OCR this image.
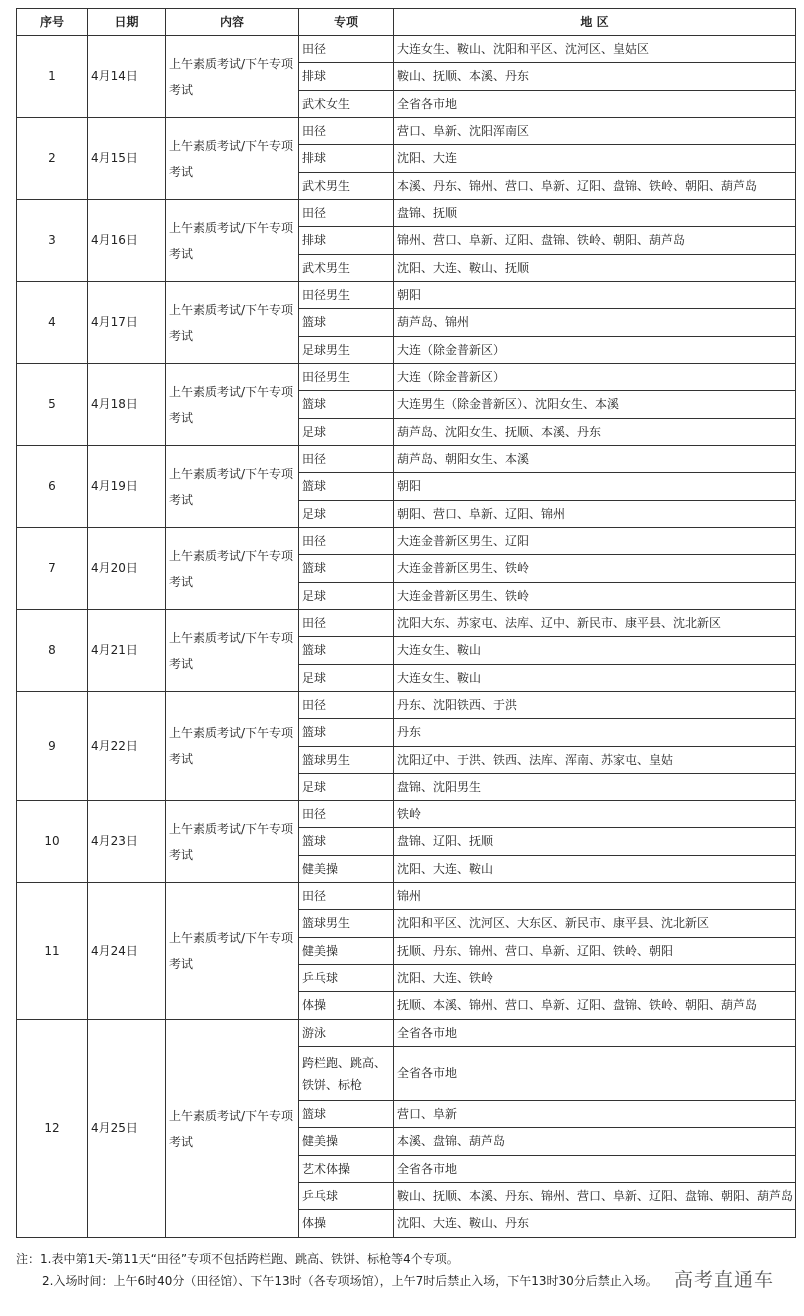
序号	日期	内容	专项	地 区
1	4月14日	上午素质考试/下午专项考试	田径	大连女生、鞍山、沈阳和平区、沈河区、皇姑区
			排球	鞍山、抚顺、本溪、丹东
			武术女生	全省各市地
2	4月15日	上午素质考试/下午专项考试	田径	营口、阜新、沈阳浑南区
			排球	沈阳、大连
			武术男生	本溪、丹东、锦州、营口、阜新、辽阳、盘锦、铁岭、朝阳、葫芦岛
3	4月16日	上午素质考试/下午专项考试	田径	盘锦、抚顺
			排球	锦州、营口、阜新、辽阳、盘锦、铁岭、朝阳、葫芦岛
			武术男生	沈阳、大连、鞍山、抚顺
4	4月17日	上午素质考试/下午专项考试	田径男生	朝阳
			篮球	葫芦岛、锦州
			足球男生	大连（除金普新区）
5	4月18日	上午素质考试/下午专项考试	田径男生	大连（除金普新区）
			篮球	大连男生（除金普新区）、沈阳女生、本溪
			足球	葫芦岛、沈阳女生、抚顺、本溪、丹东
6	4月19日	上午素质考试/下午专项考试	田径	葫芦岛、朝阳女生、本溪
			篮球	朝阳
			足球	朝阳、营口、阜新、辽阳、锦州
7	4月20日	上午素质考试/下午专项考试	田径	大连金普新区男生、辽阳
			篮球	大连金普新区男生、铁岭
			足球	大连金普新区男生、铁岭
8	4月21日	上午素质考试/下午专项考试	田径	沈阳大东、苏家屯、法库、辽中、新民市、康平县、沈北新区
			篮球	大连女生、鞍山
			足球	大连女生、鞍山
9	4月22日	上午素质考试/下午专项考试	田径	丹东、沈阳铁西、于洪
			篮球	丹东
			篮球男生	沈阳辽中、于洪、铁西、法库、浑南、苏家屯、皇姑
			足球	盘锦、沈阳男生
10	4月23日	上午素质考试/下午专项考试	田径	铁岭
			篮球	盘锦、辽阳、抚顺
			健美操	沈阳、大连、鞍山
11	4月24日	上午素质考试/下午专项考试	田径	锦州
			篮球男生	沈阳和平区、沈河区、大东区、新民市、康平县、沈北新区
			健美操	抚顺、丹东、锦州、营口、阜新、辽阳、铁岭、朝阳
			乒乓球	沈阳、大连、铁岭
			体操	抚顺、本溪、锦州、营口、阜新、辽阳、盘锦、铁岭、朝阳、葫芦岛
12	4月25日	上午素质考试/下午专项考试	游泳	全省各市地
			跨栏跑、跳高、铁饼、标枪	全省各市地
			篮球	营口、阜新
			健美操	本溪、盘锦、葫芦岛
			艺术体操	全省各市地
			乒乓球	鞍山、抚顺、本溪、丹东、锦州、营口、阜新、辽阳、盘锦、朝阳、葫芦岛
			体操	沈阳、大连、鞍山、丹东
注：1.表中第1天-第11天“田径”专项不包括跨栏跑、跳高、铁饼、标枪等4个专项。
2.入场时间：上午6时40分（田径馆）、下午13时（各专项场馆），上午7时后禁止入场，下午13时30分后禁止入场。 高考直通车
